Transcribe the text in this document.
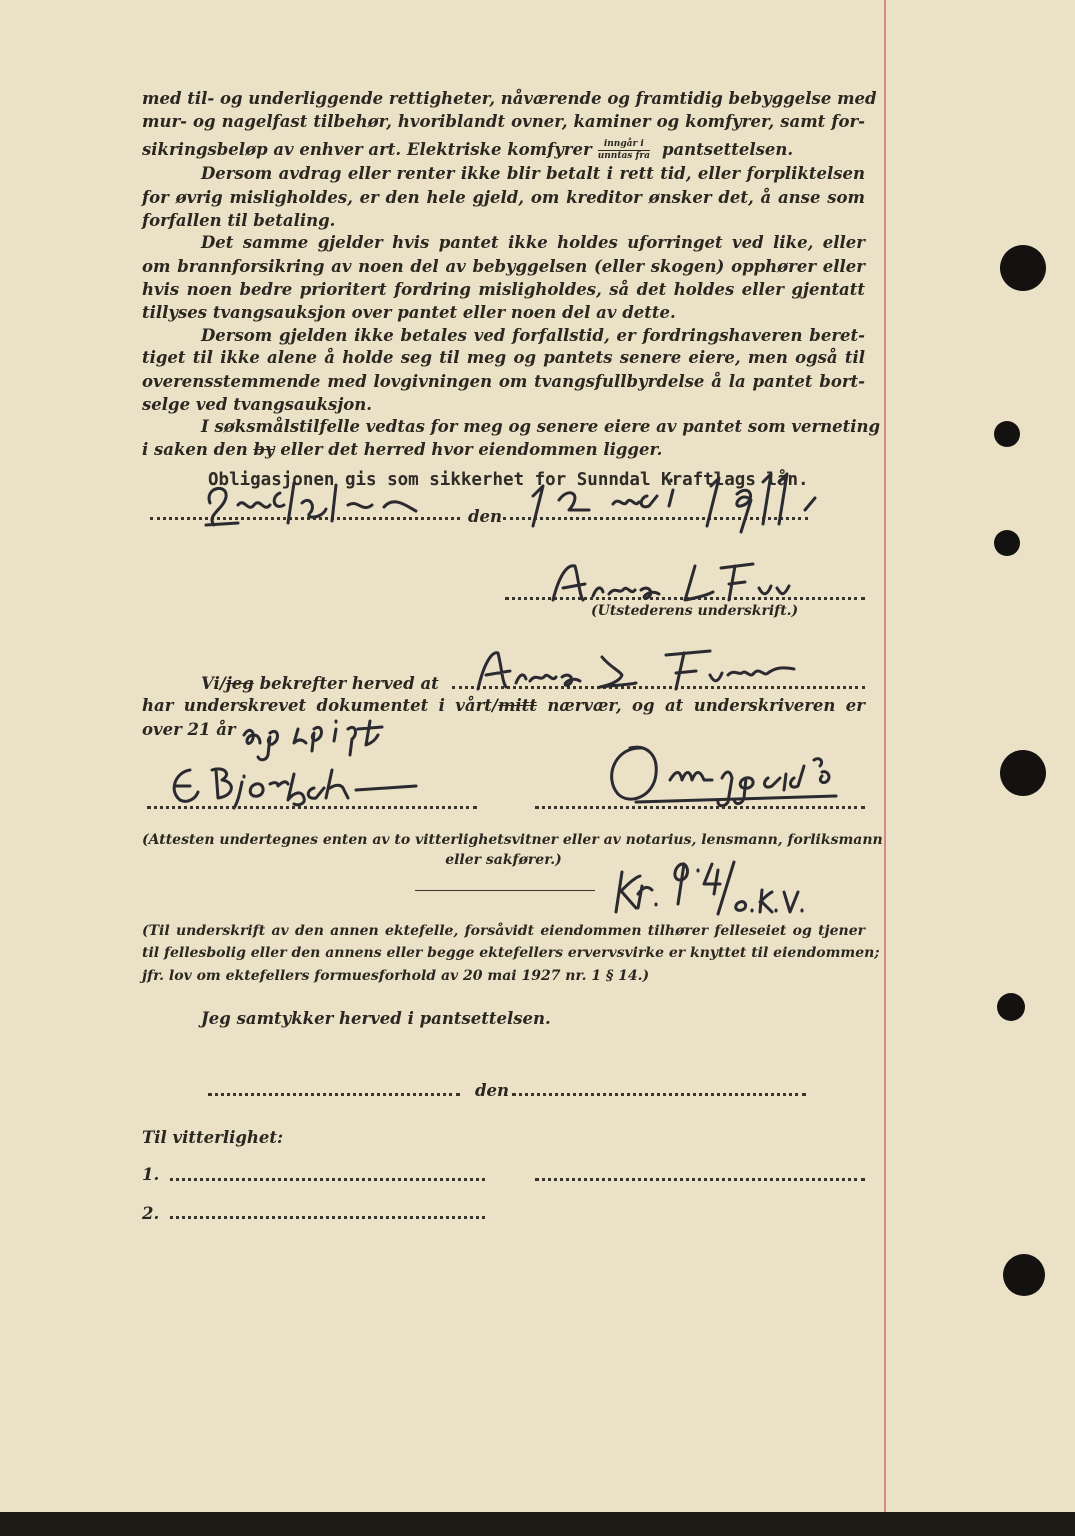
med til- og underliggende rettigheter, nåværende og framtidig bebyggelse med
mur- og nagelfast tilbehør, hvoriblandt ovner, kaminer og komfyrer, samt for-
sikringsbeløp av enhver art. Elektriske komfyrer $\frac{\text{inngår i}}{\text{unntas fra}}$ pantsettelsen.
Dersom avdrag eller renter ikke blir betalt i rett tid, eller forpliktelsen
for øvrig misligholdes, er den hele gjeld, om kreditor ønsker det, å anse som
forfallen til betaling.
Det samme gjelder hvis pantet ikke holdes uforringet ved like, eller
om brannforsikring av noen del av bebyggelsen (eller skogen) opphører eller
hvis noen bedre prioritert fordring misligholdes, så det holdes eller gjentatt
tillyses tvangsauksjon over pantet eller noen del av dette.
Dersom gjelden ikke betales ved forfallstid, er fordringshaveren beret-
tiget til ikke alene å holde seg til meg og pantets senere eiere, men også til
overensstemmende med lovgivningen om tvangsfullbyrdelse å la pantet bort-
selge ved tvangsauksjon.
I søksmålstilfelle vedtas for meg og senere eiere av pantet som verneting
i saken den by eller det herred hvor eiendommen ligger.
Obligasjonen gis som sikkerhet for Sunndal Kraftlags lån.
den
(Utstederens underskrift.)
Vi/jeg bekrefter herved at
har underskrevet dokumentet i vårt/mitt nærvær, og at underskriveren er
over 21 år
(Attesten undertegnes enten av to vitterlighetsvitner eller av notarius, lensmann, forliksmann
eller sakfører.)
(Til underskrift av den annen ektefelle, forsåvidt eiendommen tilhører felleseiet og tjener
til fellesbolig eller den annens eller begge ektefellers ervervsvirke er knyttet til eiendommen;
jfr. lov om ektefellers formuesforhold av 20 mai 1927 nr. 1 § 14.)
Jeg samtykker herved i pantsettelsen.
den
Til vitterlighet:
1.
2.
